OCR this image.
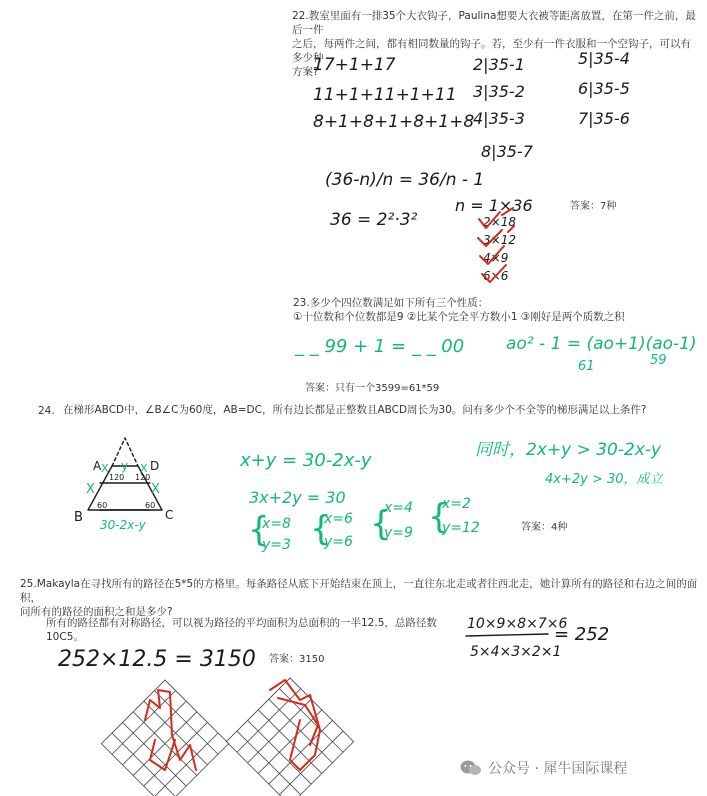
22.教室里面有一排35个大衣钩子，Paulina想要大衣被等距离放置，在第一件之前，最后一件
之后，每两件之间，都有相同数量的钩子。若，至少有一件衣服和一个空钩子，可以有多少种
方案?
17+1+17
11+1+11+1+11
8+1+8+1+8+1+8
2|35-1
3|35-2
4|35-3
8|35-7
5|35-4
6|35-5
7|35-6
(36-n)/n = 36/n - 1
36 = 2²·3²
n = 1×36
2×18
3×12
4×9
6×6
答案：7种
23.多少个四位数满足如下所有三个性质：
①十位数和个位数都是9 ②比某个完全平方数小1 ③刚好是两个质数之积
_ _ 99 + 1 = _ _ 00 ao² - 1 = (ao+1)(ao-1)
61	59
答案：只有一个3599=61*59
24. 在梯形ABCD中，∠B∠C为60度，AB=DC，所有边长都是正整数且ABCD周长为30。问有多少个不全等的梯形满足以上条件?
B	C
A	D
120 120
60	60
X	X
X	X
y
30-2x-y
x+y = 30-2x-y	同时，2x+y > 30-2x-y
4x+2y > 30，成立
3x+2y = 30
{
x=8
y=3 {
x=6
y=6 {
x=4
y=9 {
x=2
y=12	答案：4种
25.Makayla在寻找所有的路径在5*5的方格里。每条路径从底下开始结束在顶上，一直往东北走或者往西北走，她计算所有的路径和右边之间的面积，
问所有的路径的面积之和是多少?
所有的路径都有对称路径，可以视为路径的平均面积为总面积的一半12.5，总路径数10C5。
答案：3150
252×12.5 = 3150
10×9×8×7×6
5×4×3×2×1
= 252
公众号 · 犀牛国际课程
